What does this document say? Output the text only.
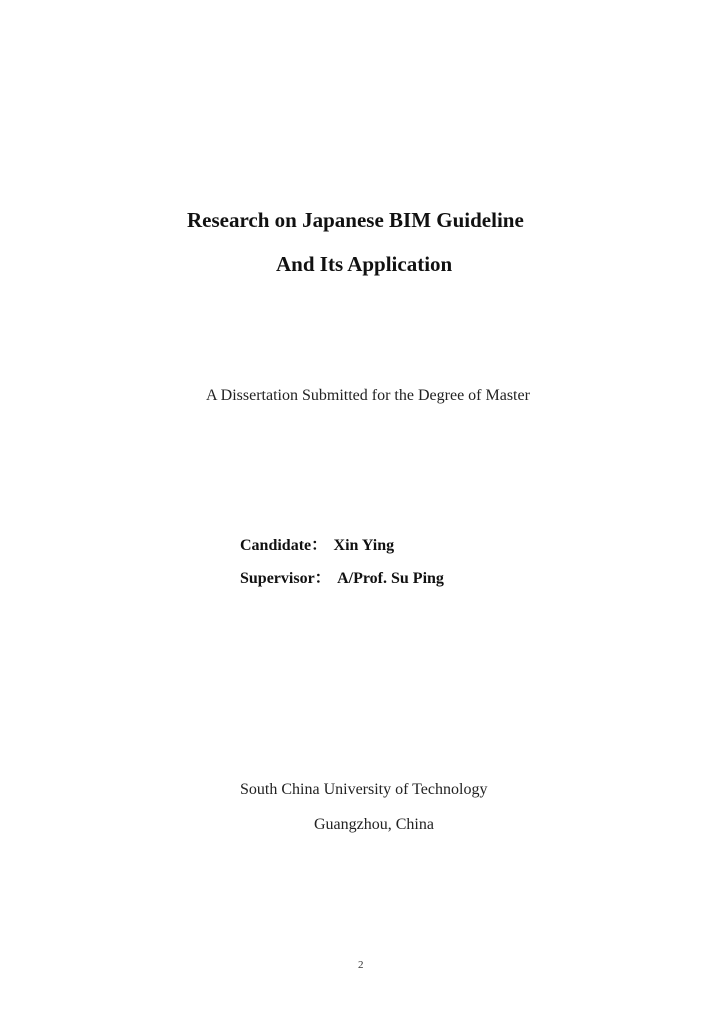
Research on Japanese BIM Guideline
And Its Application
A Dissertation Submitted for the Degree of Master
Candidate： Xin Ying
Supervisor： A/Prof. Su Ping
South China University of Technology
Guangzhou, China
2
